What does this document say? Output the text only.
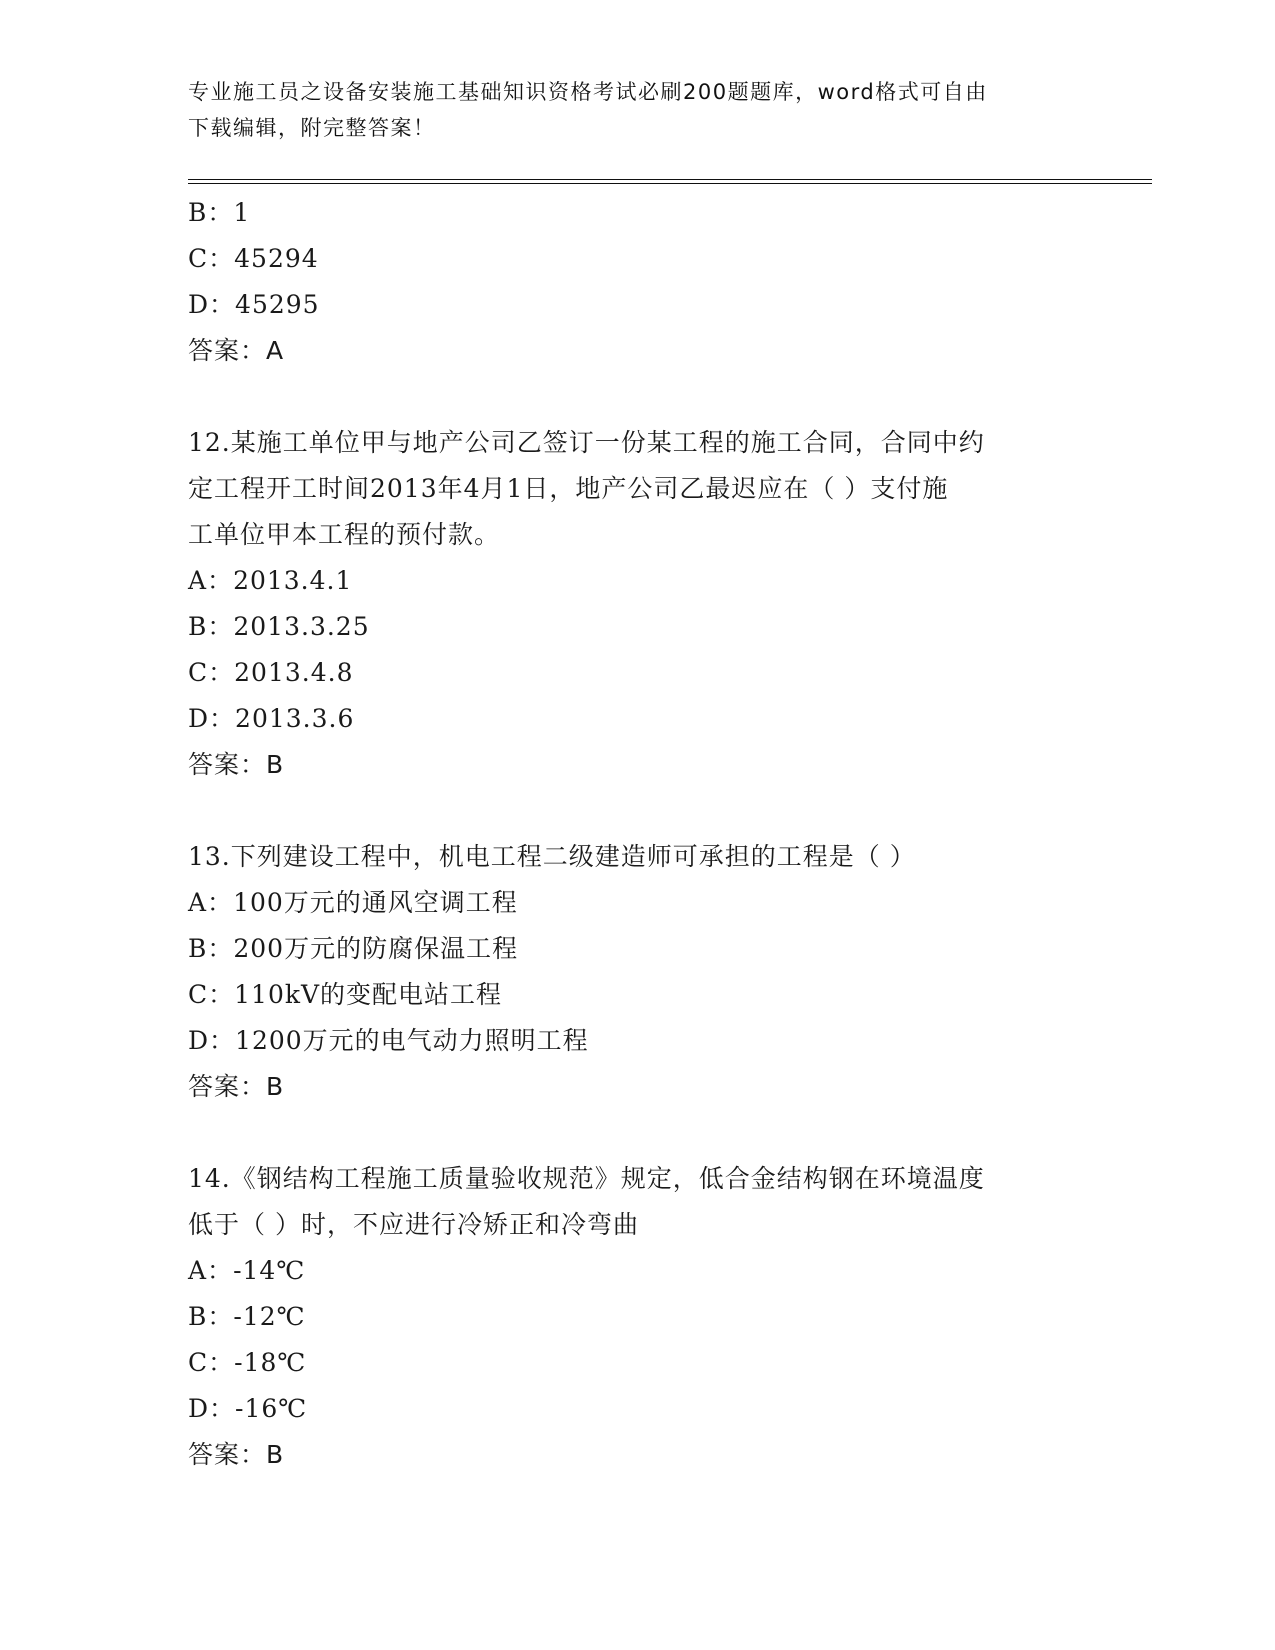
专业施工员之设备安装施工基础知识资格考试必刷200题题库，word格式可自由
下载编辑，附完整答案！
B：1
C：45294
D：45295
答案：A
12.某施工单位甲与地产公司乙签订一份某工程的施工合同，合同中约
定工程开工时间2013年4月1日，地产公司乙最迟应在（ ）支付施
工单位甲本工程的预付款。
A：2013.4.1
B：2013.3.25
C：2013.4.8
D：2013.3.6
答案：B
13.下列建设工程中，机电工程二级建造师可承担的工程是（ ）
A：100万元的通风空调工程
B：200万元的防腐保温工程
C：110kV的变配电站工程
D：1200万元的电气动力照明工程
答案：B
14.《钢结构工程施工质量验收规范》规定，低合金结构钢在环境温度
低于（ ）时，不应进行冷矫正和冷弯曲
A：-14℃
B：-12℃
C：-18℃
D：-16℃
答案：B
